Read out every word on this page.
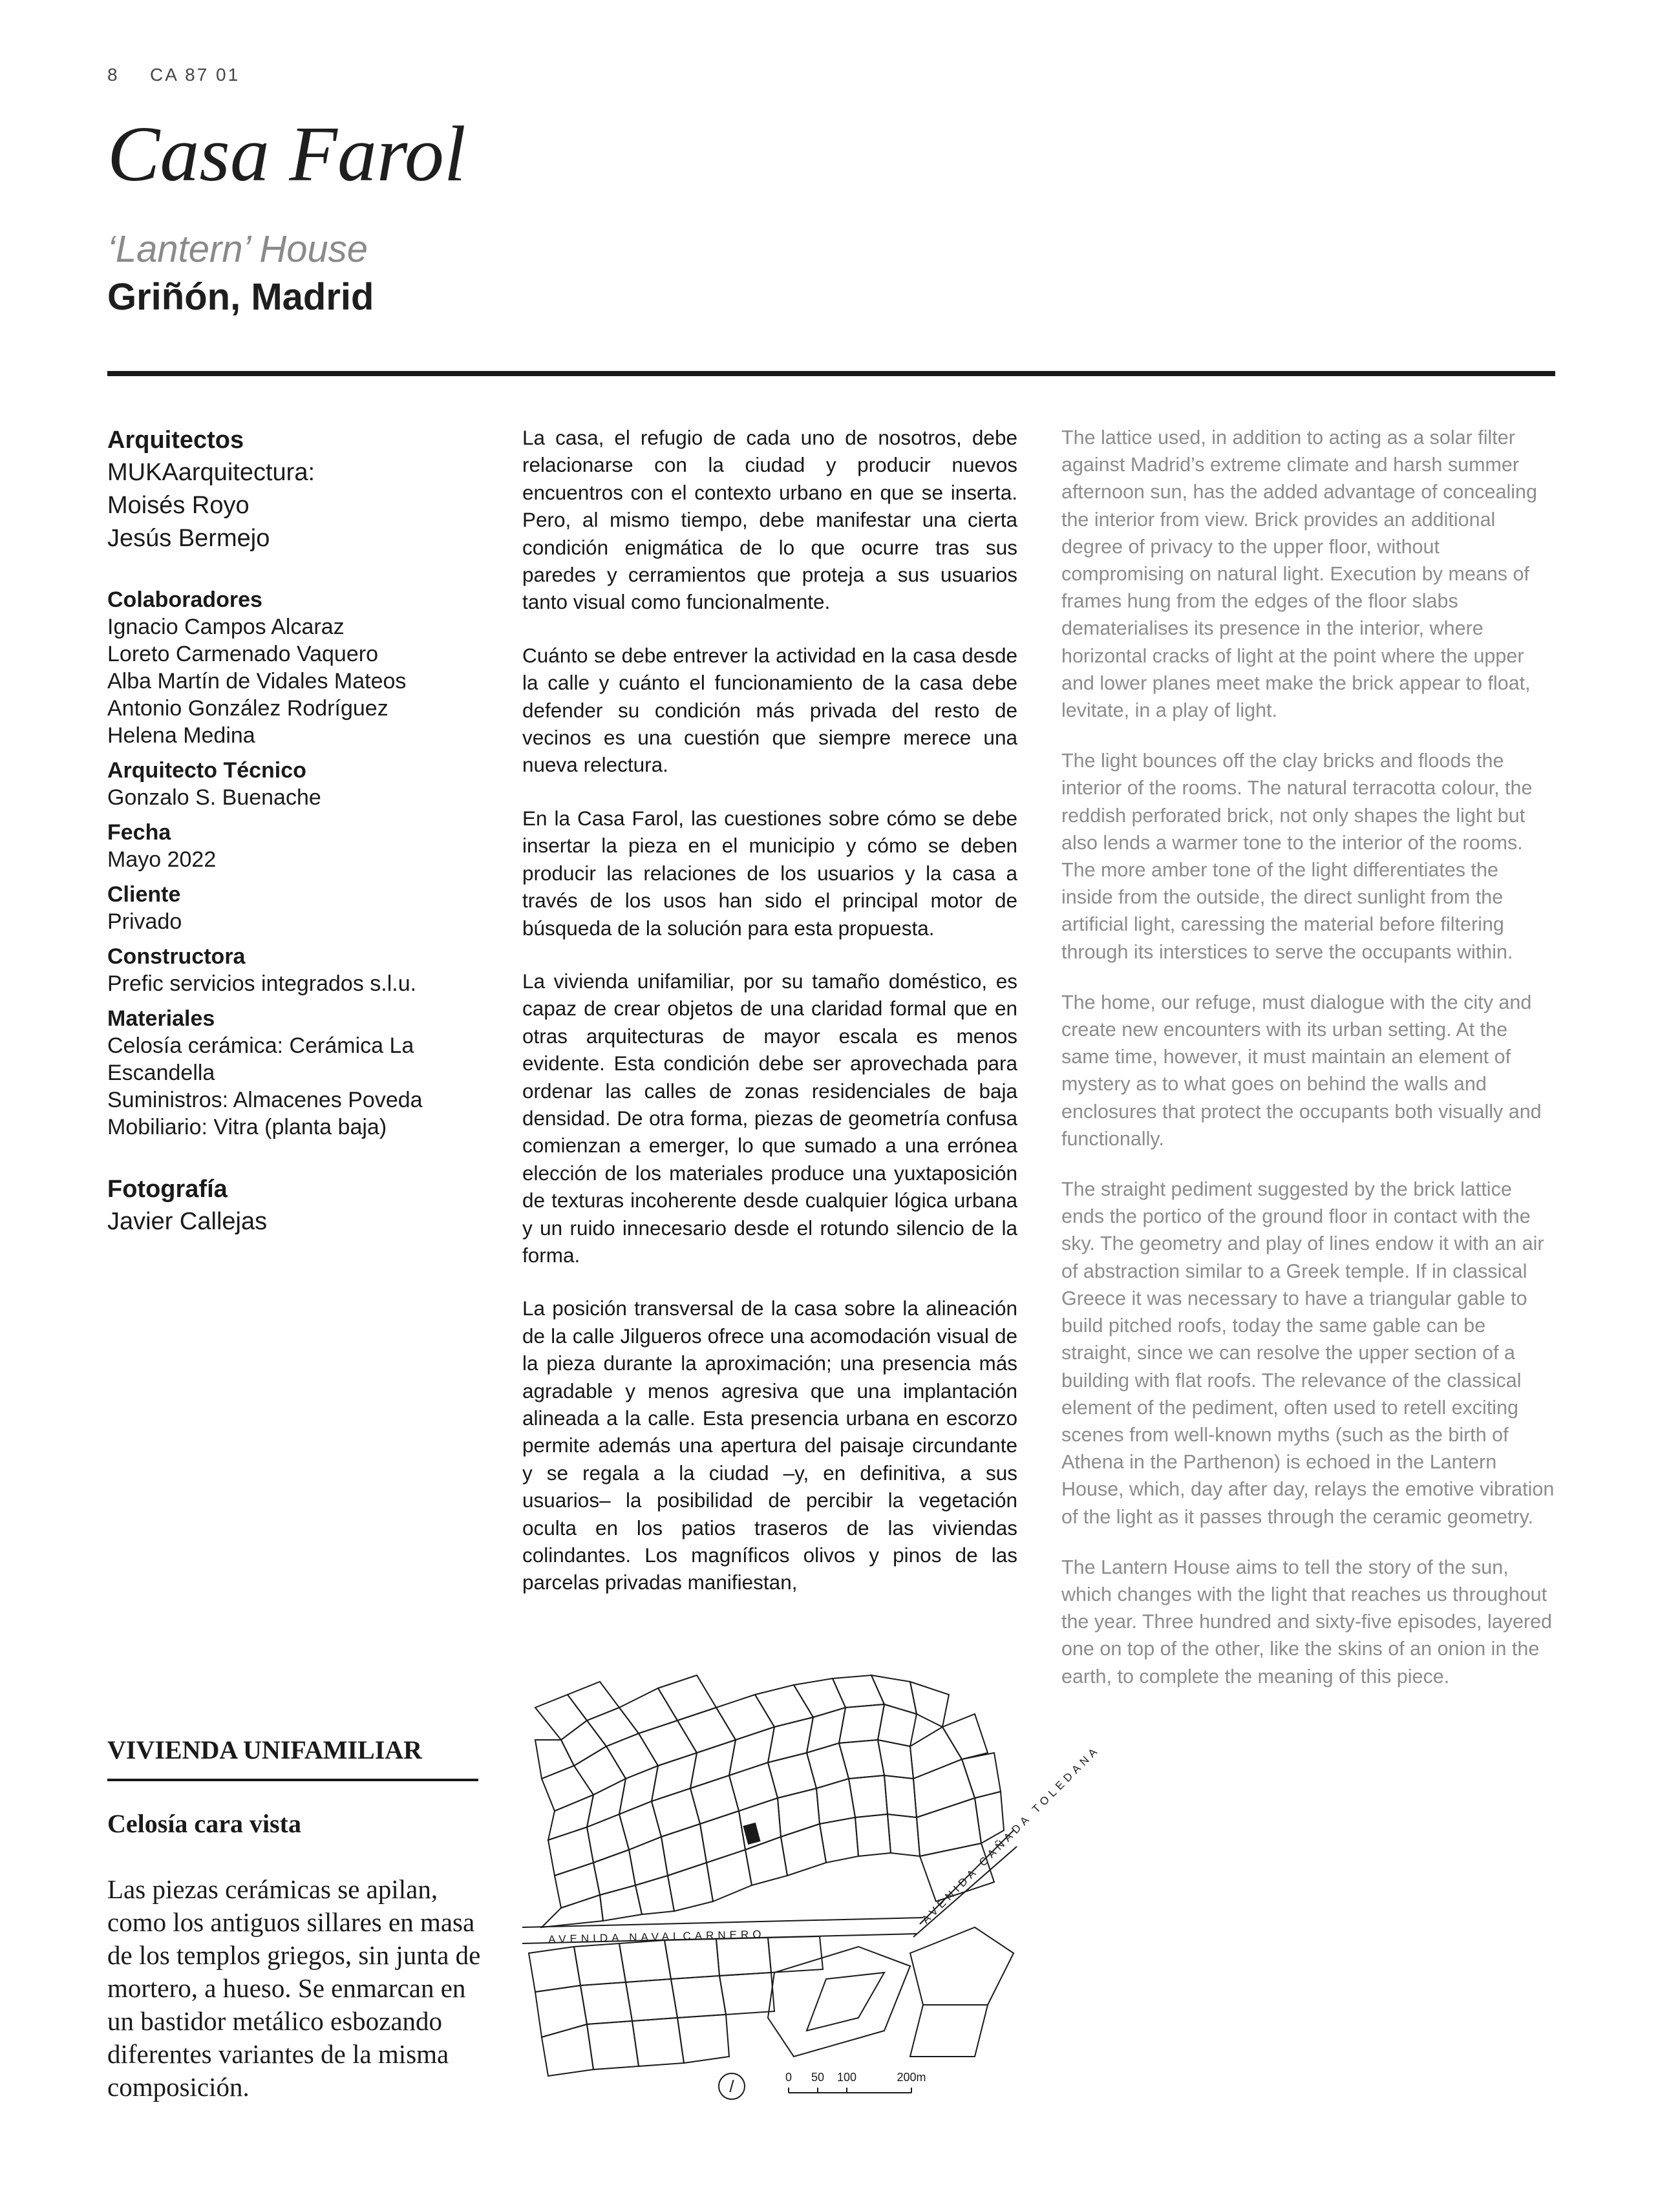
8 CA 87 01
Casa Farol
‘Lantern’ House
Griñón, Madrid

Arquitectos

MUKAarquitectura:

Moisés Royo

Jesús Bermejo

Colaboradores

Ignacio Campos Alcaraz

Loreto Carmenado Vaquero

Alba Martín de Vidales Mateos

Antonio González Rodríguez

Helena Medina

Arquitecto Técnico

Gonzalo S. Buenache

Fecha

Mayo 2022

Cliente

Privado

Constructora

Prefic servicios integrados s.l.u.

Materiales

Celosía cerámica: Cerámica La Escandella

Suministros: Almacenes Poveda

Mobiliario: Vitra (planta baja)

Fotografía

Javier Callejas

La casa, el refugio de cada uno de nosotros, debe relacionarse con la ciudad y producir nuevos encuentros con el contexto urbano en que se inserta. Pero, al mismo tiempo, debe manifestar una cierta condición enigmática de lo que ocurre tras sus paredes y cerramientos que proteja a sus usuarios tanto visual como funcionalmente.

Cuánto se debe entrever la actividad en la casa desde la calle y cuánto el funcionamiento de la casa debe defender su condición más privada del resto de vecinos es una cuestión que siempre merece una nueva relectura.

En la Casa Farol, las cuestiones sobre cómo se debe insertar la pieza en el municipio y cómo se deben producir las relaciones de los usuarios y la casa a través de los usos han sido el principal motor de búsqueda de la solución para esta propuesta.

La vivienda unifamiliar, por su tamaño doméstico, es capaz de crear objetos de una claridad formal que en otras arquitecturas de mayor escala es menos evidente. Esta condición debe ser aprovechada para ordenar las calles de zonas residenciales de baja densidad. De otra forma, piezas de geometría confusa comienzan a emerger, lo que sumado a una errónea elección de los materiales produce una yuxtaposición de texturas incoherente desde cualquier lógica urbana y un ruido innecesario desde el rotundo silencio de la forma.

La posición transversal de la casa sobre la alineación de la calle Jilgueros ofrece una acomodación visual de la pieza durante la aproximación; una presencia más agradable y menos agresiva que una implantación alineada a la calle. Esta presencia urbana en escorzo permite además una apertura del paisaje circundante y se regala a la ciudad –y, en definitiva, a sus usuarios– la posibilidad de percibir la vegetación oculta en los patios traseros de las viviendas colindantes. Los magníficos olivos y pinos de las parcelas privadas manifiestan,

The lattice used, in addition to acting as a solar filter against Madrid’s extreme climate and harsh summer afternoon sun, has the added advantage of concealing the interior from view. Brick provides an additional degree of privacy to the upper floor, without compromising on natural light. Execution by means of frames hung from the edges of the floor slabs dematerialises its presence in the interior, where horizontal cracks of light at the point where the upper and lower planes meet make the brick appear to float, levitate, in a play of light.

The light bounces off the clay bricks and floods the interior of the rooms. The natural terracotta colour, the reddish perforated brick, not only shapes the light but also lends a warmer tone to the interior of the rooms. The more amber tone of the light differentiates the inside from the outside, the direct sunlight from the artificial light, caressing the material before filtering through its interstices to serve the occupants within.

The home, our refuge, must dialogue with the city and create new encounters with its urban setting. At the same time, however, it must maintain an element of mystery as to what goes on behind the walls and enclosures that protect the occupants both visually and functionally.

The straight pediment suggested by the brick lattice ends the portico of the ground floor in contact with the sky. The geometry and play of lines endow it with an air of abstraction similar to a Greek temple. If in classical Greece it was necessary to have a triangular gable to build pitched roofs, today the same gable can be straight, since we can resolve the upper section of a building with flat roofs. The relevance of the classical element of the pediment, often used to retell exciting scenes from well-known myths (such as the birth of Athena in the Parthenon) is echoed in the Lantern House, which, day after day, relays the emotive vibration of the light as it passes through the ceramic geometry.

The Lantern House aims to tell the story of the sun, which changes with the light that reaches us throughout the year. Three hundred and sixty-five episodes, layered one on top of the other, like the skins of an onion in the earth, to complete the meaning of this piece.

VIVIENDA UNIFAMILIAR
Celosía cara vista
Las piezas cerámicas se apilan, como los antiguos sillares en masa de los templos griegos, sin junta de mortero, a hueso. Se enmarcan en un bastidor metálico esbozando diferentes variantes de la misma composición.
AVENIDA NAVALCARNERO
AVENIDA CAÑADA TOLEDANA
/	0 50 100	200m
